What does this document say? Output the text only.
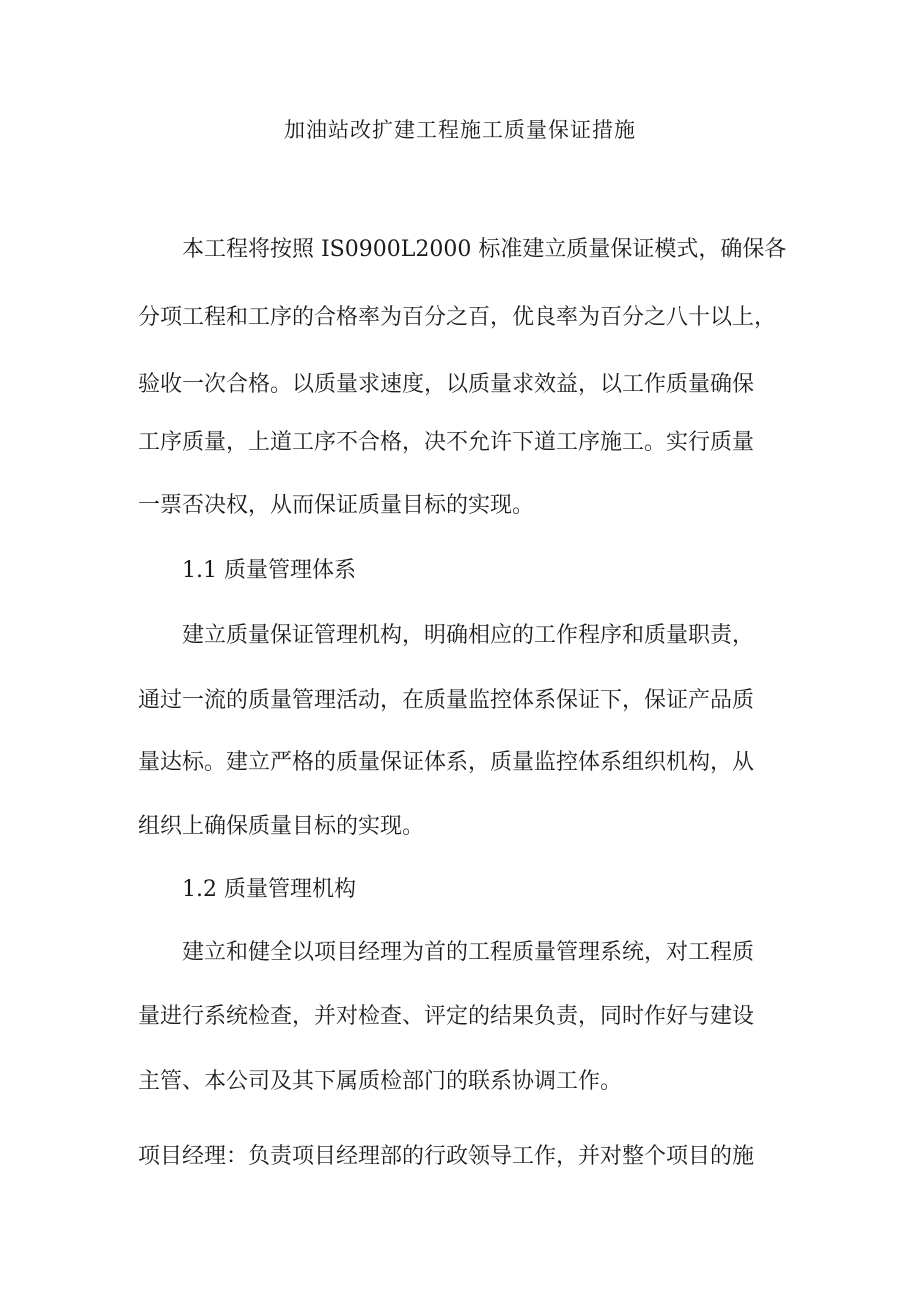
加油站改扩建工程施工质量保证措施

本工程将按照 IS0900L2000 标准建立质量保证模式，确保各

分项工程和工序的合格率为百分之百，优良率为百分之八十以上，

验收一次合格。以质量求速度，以质量求效益，以工作质量确保

工序质量，上道工序不合格，决不允许下道工序施工。实行质量

一票否决权，从而保证质量目标的实现。

1.1 质量管理体系

建立质量保证管理机构，明确相应的工作程序和质量职责，

通过一流的质量管理活动，在质量监控体系保证下，保证产品质

量达标。建立严格的质量保证体系，质量监控体系组织机构，从

组织上确保质量目标的实现。

1.2 质量管理机构

建立和健全以项目经理为首的工程质量管理系统，对工程质

量进行系统检查，并对检查、评定的结果负责，同时作好与建设

主管、本公司及其下属质检部门的联系协调工作。

项目经理：负责项目经理部的行政领导工作，并对整个项目的施
